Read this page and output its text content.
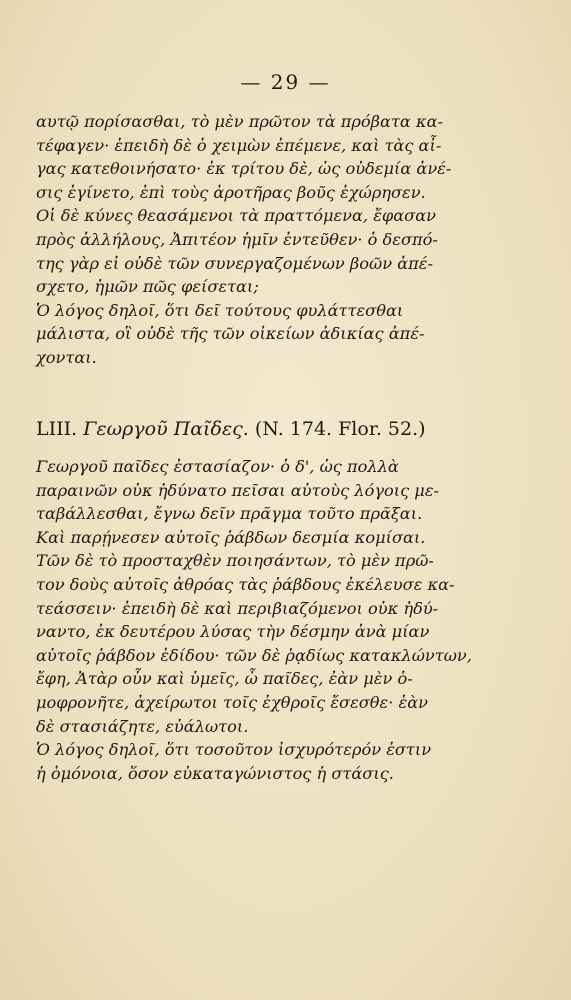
— 29 —
αυτῷ πορίσασθαι, τὸ μὲν πρῶτον τὰ πρόβατα κα-
τέφαγεν· ἐπειδὴ δὲ ὁ χειμὼν ἐπέμενε, καὶ τὰς αἶ-
γας κατεθοινήσατο· ἐκ τρίτου δὲ, ὡς οὐδεμία ἀνέ-
σις ἐγίνετο, ἐπὶ τοὺς ἀροτῆρας βοῦς ἐχώρησεν.
Οἱ δὲ κύνες θεασάμενοι τὰ πραττόμενα, ἔφασαν
πρὸς ἀλλήλους, Ἀπιτέον ἡμῖν ἐντεῦθεν· ὁ δεσπό-
της γὰρ εἰ οὐδὲ τῶν συνεργαζομένων βοῶν ἀπέ-
σχετο, ἡμῶν πῶς φείσεται;
Ὁ λόγος δηλοῖ, ὅτι δεῖ τούτους φυλάττεσθαι
μάλιστα, οἳ οὐδὲ τῆς τῶν οἰκείων ἀδικίας ἀπέ-
χονται.
LIII. Γεωργοῦ Παῖδες. (N. 174. Flor. 52.)
Γεωργοῦ παῖδες ἐστασίαζον· ὁ δ', ὡς πολλὰ
παραινῶν οὐκ ἠδύνατο πεῖσαι αὐτοὺς λόγοις με-
ταβάλλεσθαι, ἔγνω δεῖν πρᾶγμα τοῦτο πρᾶξαι.
Καὶ παρῄνεσεν αὐτοῖς ῥάβδων δεσμία κομίσαι.
Τῶν δὲ τὸ προσταχθὲν ποιησάντων, τὸ μὲν πρῶ-
τον δοὺς αὐτοῖς ἀθρόας τὰς ῥάβδους ἐκέλευσε κα-
τεάσσειν· ἐπειδὴ δὲ καὶ περιβιαζόμενοι οὐκ ἠδύ-
ναντο, ἐκ δευτέρου λύσας τὴν δέσμην ἀνὰ μίαν
αὐτοῖς ῥάβδον ἐδίδου· τῶν δὲ ῥᾳδίως κατακλώντων,
ἔφη, Ἀτὰρ οὖν καὶ ὑμεῖς, ὦ παῖδες, ἐὰν μὲν ὁ-
μοφρονῆτε, ἀχείρωτοι τοῖς ἐχθροῖς ἔσεσθε· ἐὰν
δὲ στασιάζητε, εὐάλωτοι.
Ὁ λόγος δηλοῖ, ὅτι τοσοῦτον ἰσχυρότερόν ἐστιν
ἡ ὁμόνοια, ὅσον εὐκαταγώνιστος ἡ στάσις.
